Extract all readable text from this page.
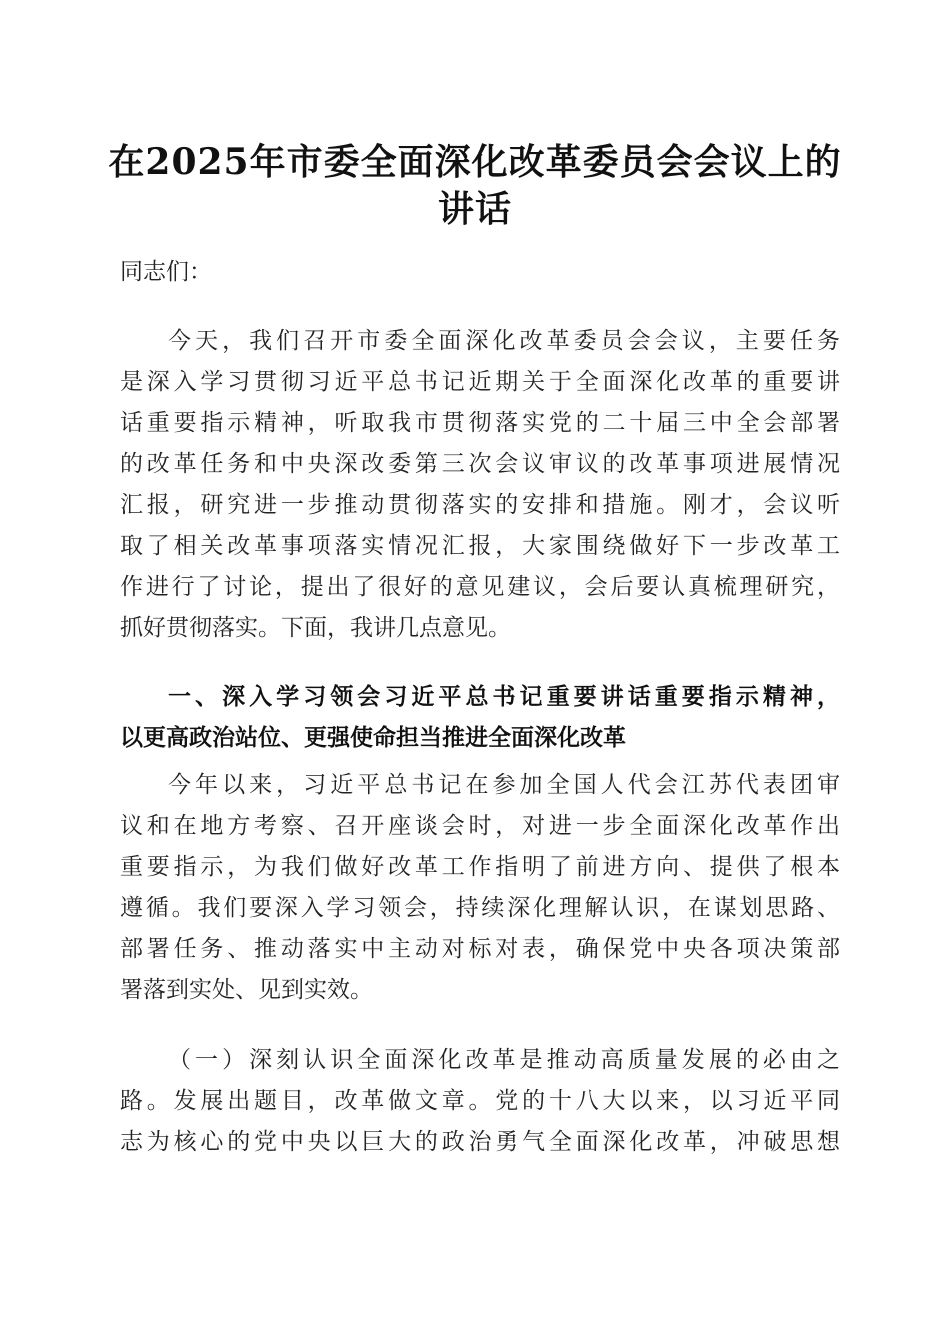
在2025年市委全面深化改革委员会会议上的
讲话
同志们：
今天，我们召开市委全面深化改革委员会会议，主要任务
是深入学习贯彻习近平总书记近期关于全面深化改革的重要讲
话重要指示精神，听取我市贯彻落实党的二十届三中全会部署
的改革任务和中央深改委第三次会议审议的改革事项进展情况
汇报，研究进一步推动贯彻落实的安排和措施。刚才，会议听
取了相关改革事项落实情况汇报，大家围绕做好下一步改革工
作进行了讨论，提出了很好的意见建议，会后要认真梳理研究，
抓好贯彻落实。下面，我讲几点意见。
一、深入学习领会习近平总书记重要讲话重要指示精神，
以更高政治站位、更强使命担当推进全面深化改革
今年以来，习近平总书记在参加全国人代会江苏代表团审
议和在地方考察、召开座谈会时，对进一步全面深化改革作出
重要指示，为我们做好改革工作指明了前进方向、提供了根本
遵循。我们要深入学习领会，持续深化理解认识，在谋划思路、
部署任务、推动落实中主动对标对表，确保党中央各项决策部
署落到实处、见到实效。
（一）深刻认识全面深化改革是推动高质量发展的必由之
路。发展出题目，改革做文章。党的十八大以来，以习近平同
志为核心的党中央以巨大的政治勇气全面深化改革，冲破思想
